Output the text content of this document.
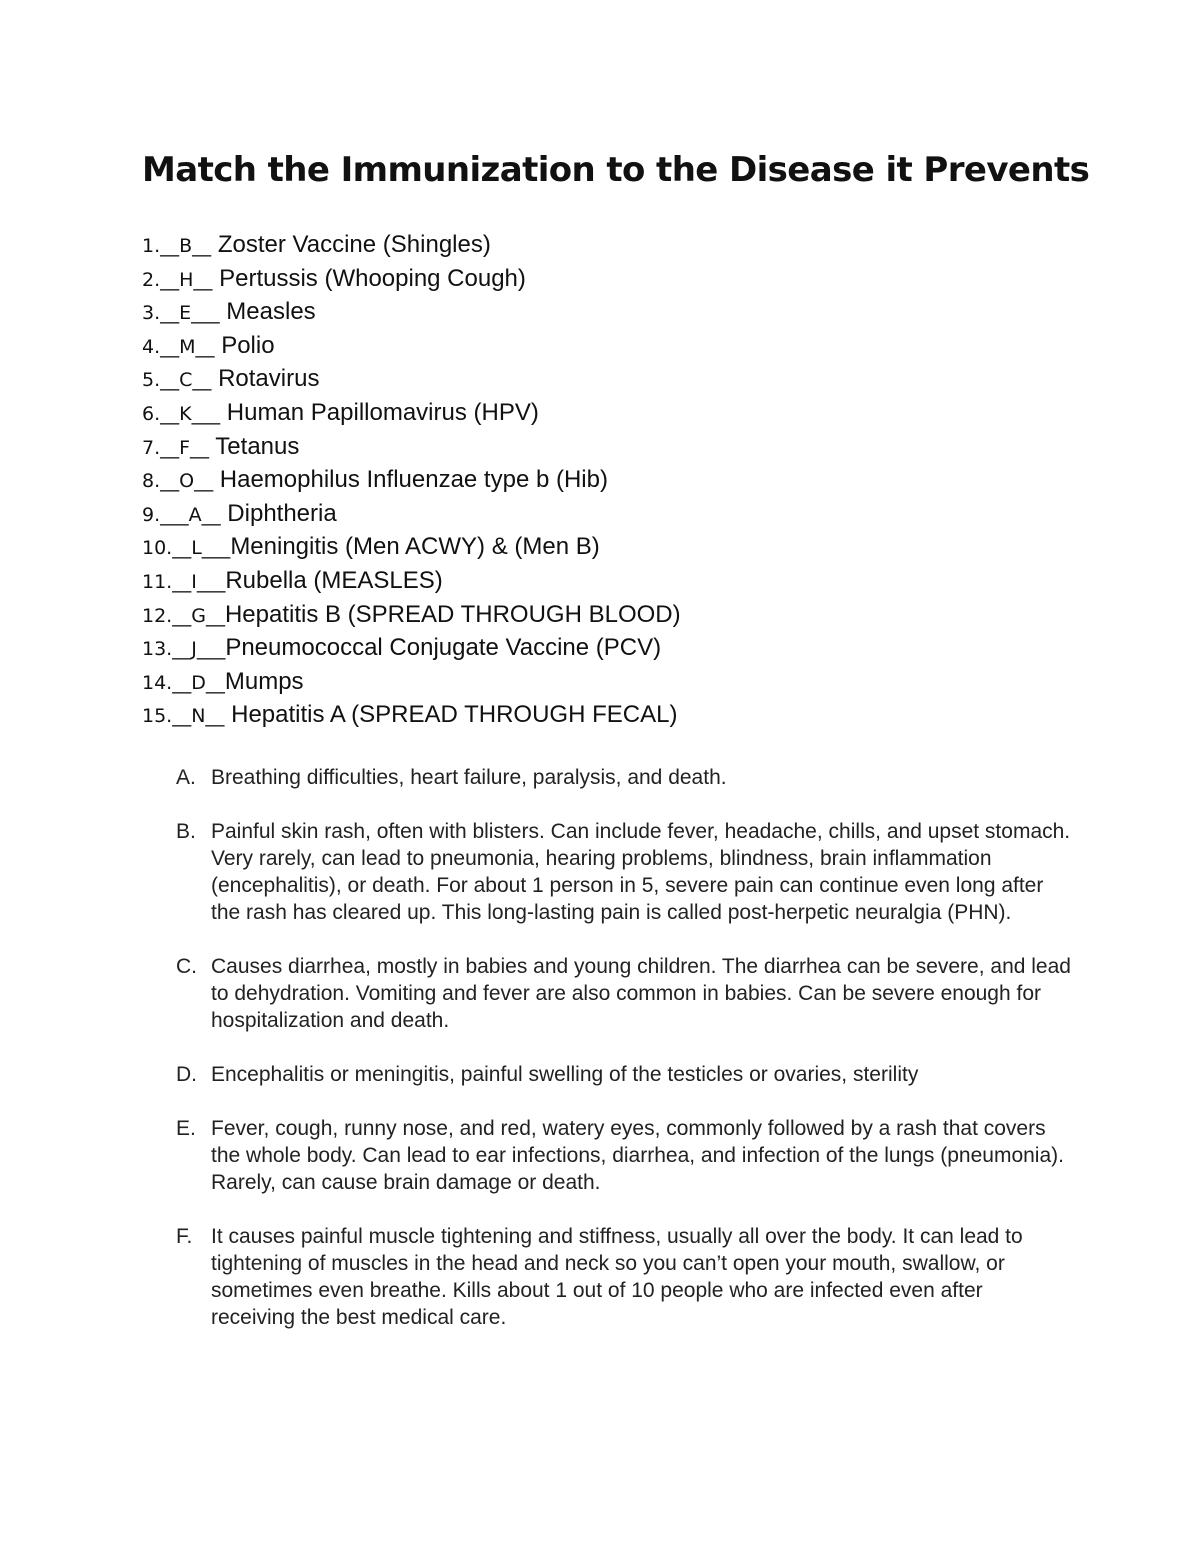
Match the Immunization to the Disease it Prevents
1.__B__ Zoster Vaccine (Shingles)
2.__H__ Pertussis (Whooping Cough)
3.__E___ Measles
4.__M__ Polio
5.__C__ Rotavirus
6.__K___ Human Papillomavirus (HPV)
7.__F__ Tetanus
8.__O__ Haemophilus Influenzae type b (Hib)
9.___A__ Diphtheria
10.__L___Meningitis (Men ACWY) & (Men B)
11.__I___Rubella (MEASLES)
12.__G__Hepatitis B (SPREAD THROUGH BLOOD)
13.__J___Pneumococcal Conjugate Vaccine (PCV)
14.__D__Mumps
15.__N__ Hepatitis A (SPREAD THROUGH FECAL)
A. Breathing difficulties, heart failure, paralysis, and death.
B. Painful skin rash, often with blisters. Can include fever, headache, chills, and upset stomach. Very rarely, can lead to pneumonia, hearing problems, blindness, brain inflammation (encephalitis), or death. For about 1 person in 5, severe pain can continue even long after the rash has cleared up. This long-lasting pain is called post-herpetic neuralgia (PHN).
C. Causes diarrhea, mostly in babies and young children. The diarrhea can be severe, and lead to dehydration. Vomiting and fever are also common in babies. Can be severe enough for hospitalization and death.
D. Encephalitis or meningitis, painful swelling of the testicles or ovaries, sterility
E. Fever, cough, runny nose, and red, watery eyes, commonly followed by a rash that covers the whole body. Can lead to ear infections, diarrhea, and infection of the lungs (pneumonia). Rarely, can cause brain damage or death.
F. It causes painful muscle tightening and stiffness, usually all over the body. It can lead to tightening of muscles in the head and neck so you can’t open your mouth, swallow, or sometimes even breathe. Kills about 1 out of 10 people who are infected even after receiving the best medical care.
